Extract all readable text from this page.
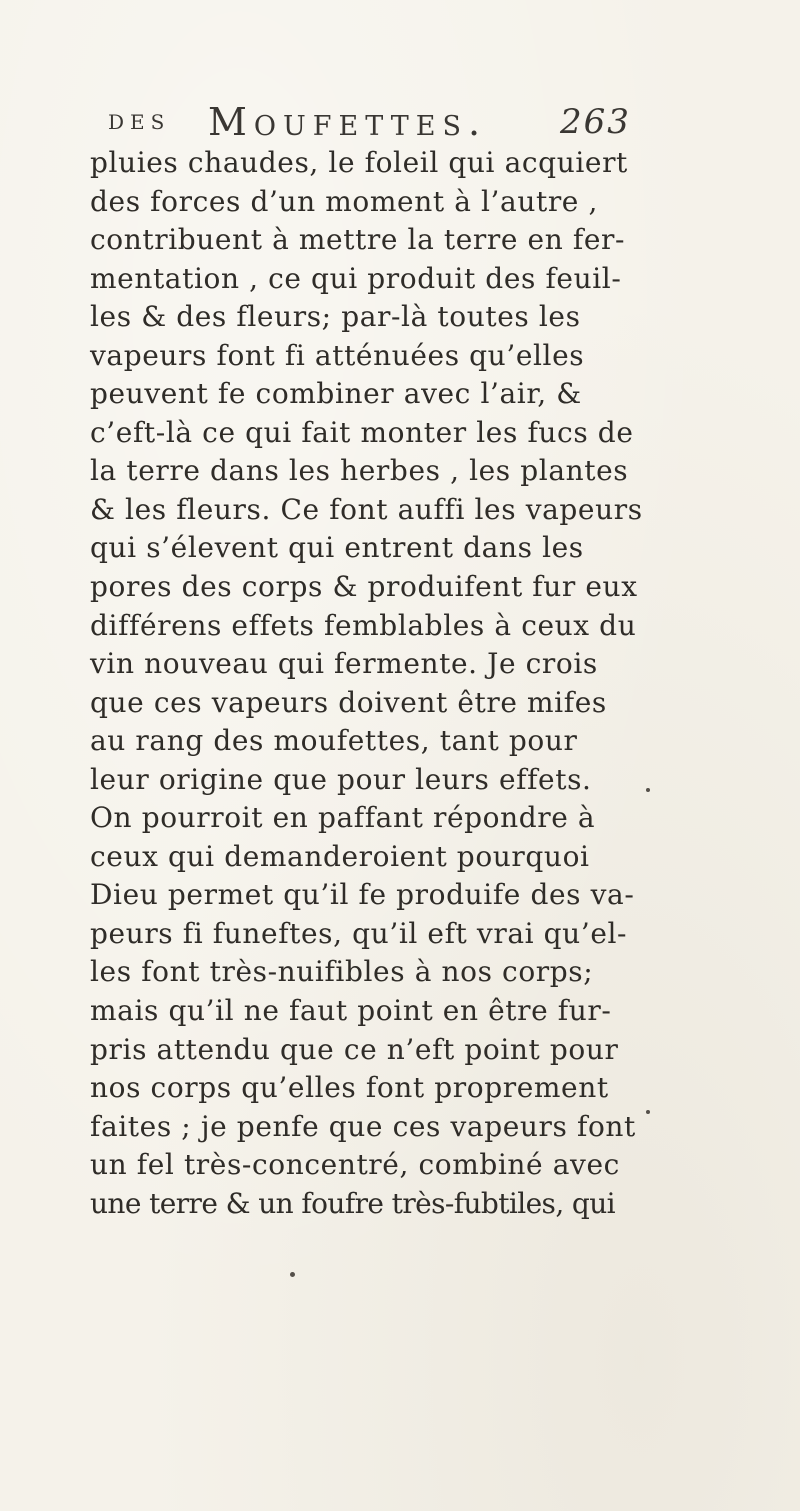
DES Moufettes. 263
pluies chaudes, le foleil qui acquiert
des forces d’un moment à l’autre ,
contribuent à mettre la terre en fer-
mentation , ce qui produit des feuil-
les & des fleurs; par-là toutes les
vapeurs font fi atténuées qu’elles
peuvent fe combiner avec l’air, &
c’eft-là ce qui fait monter les fucs de
la terre dans les herbes , les plantes
& les fleurs. Ce font auffi les vapeurs
qui s’élevent qui entrent dans les
pores des corps & produifent fur eux
différens effets femblables à ceux du
vin nouveau qui fermente. Je crois
que ces vapeurs doivent être mifes
au rang des moufettes, tant pour
leur origine que pour leurs effets.
On pourroit en paffant répondre à
ceux qui demanderoient pourquoi
Dieu permet qu’il fe produife des va-
peurs fi funeftes, qu’il eft vrai qu’el-
les font très-nuifibles à nos corps;
mais qu’il ne faut point en être fur-
pris attendu que ce n’eft point pour
nos corps qu’elles font proprement
faites ; je penfe que ces vapeurs font
un fel très-concentré, combiné avec
une terre & un foufre très-fubtiles, qui
